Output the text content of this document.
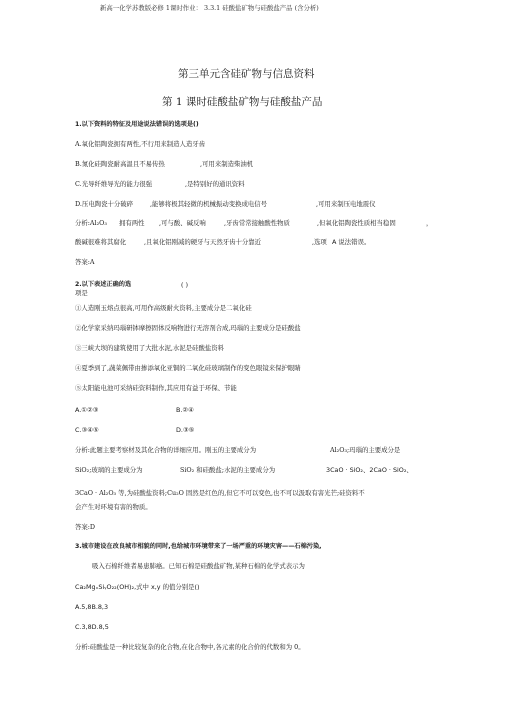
新高一化学苏教版必修 1课时作业： 3.3.1 硅酸盐矿物与硅酸盐产品 (含分析)
第三单元含硅矿物与信息资料
第 1 课时硅酸盐矿物与硅酸盐产品
1.以下资料的特征及用途说法错误的选项是()
A.氧化铝陶瓷拥有两性,不行用来制造人造牙齿
B.氮化硅陶瓷耐高温且不易传热	,可用来制造柴油机
C.光导纤维导光的能力很强	,是特别好的通讯资料
D.压电陶瓷十分破碎	,能够将极其轻微的机械振动变换成电信号	,可用来制压电地震仪
分析:Al₂O₃ 拥有两性 ,可与酸、碱反响	,牙齿常常接触酸性物质	,但氧化铝陶瓷性质相当稳固	，
酸碱很难将其腐化	,且氧化铝刚减的硬牙与天然牙齿十分靠近	,选项 A 说法错误。
答案:A
2.以下表述正确的选	( )
项是
①人造刚玉熔点很高,可用作高级耐火资料,主要成分是二氧化硅
②化学家采纳玛瑙研钵摩擦固体反响物进行无溶剂合成,玛瑙的主要成分是硅酸盐
③三峡大坝的建筑使用了大批水泥,水泥是硅酸盐资料
④夏季到了,蔬菜佩带由掺添氧化亚铜的二氧化硅玻璃制作的变色眼镜来保护眼睛
⑤太阳能电池可采纳硅资料制作,其应用有益于环保、节能
A.①②③	B.②④
C.③④⑤	D.③⑤
分析:此题主要考察材及其化合物的详细应用。刚玉的主要成分为	Al₂O₃;玛瑙的主要成分是
SiO₂;玻璃的主要成分为	SiO₂ 和硅酸盐;水泥的主要成分为	3CaO · SiO₂、2CaO · SiO₂、
3CaO · Al₂O₃ 等,为硅酸盐资料;Cu₂O 固然是红色的,但它不可以变色,也不可以汲取有害光芒;硅资料不
会产生对环境有害的物质。
答案:D
3.城市建设在改良城市相貌的同时,也给城市环境带来了一场严重的环境灾害——石棉污染,
吸入石棉纤维者易患肺癌。已知石棉是硅酸盐矿物,某种石棉的化学式表示为
Ca₂MgₓSiᵧO₂₂(OH)₂,式中 x,y 的值分别是()
A.5,8B.8,3
C.3,8D.8,5
分析:硅酸盐是一种比较复杂的化合物,在化合物中,各元素的化合价的代数和为 0。
